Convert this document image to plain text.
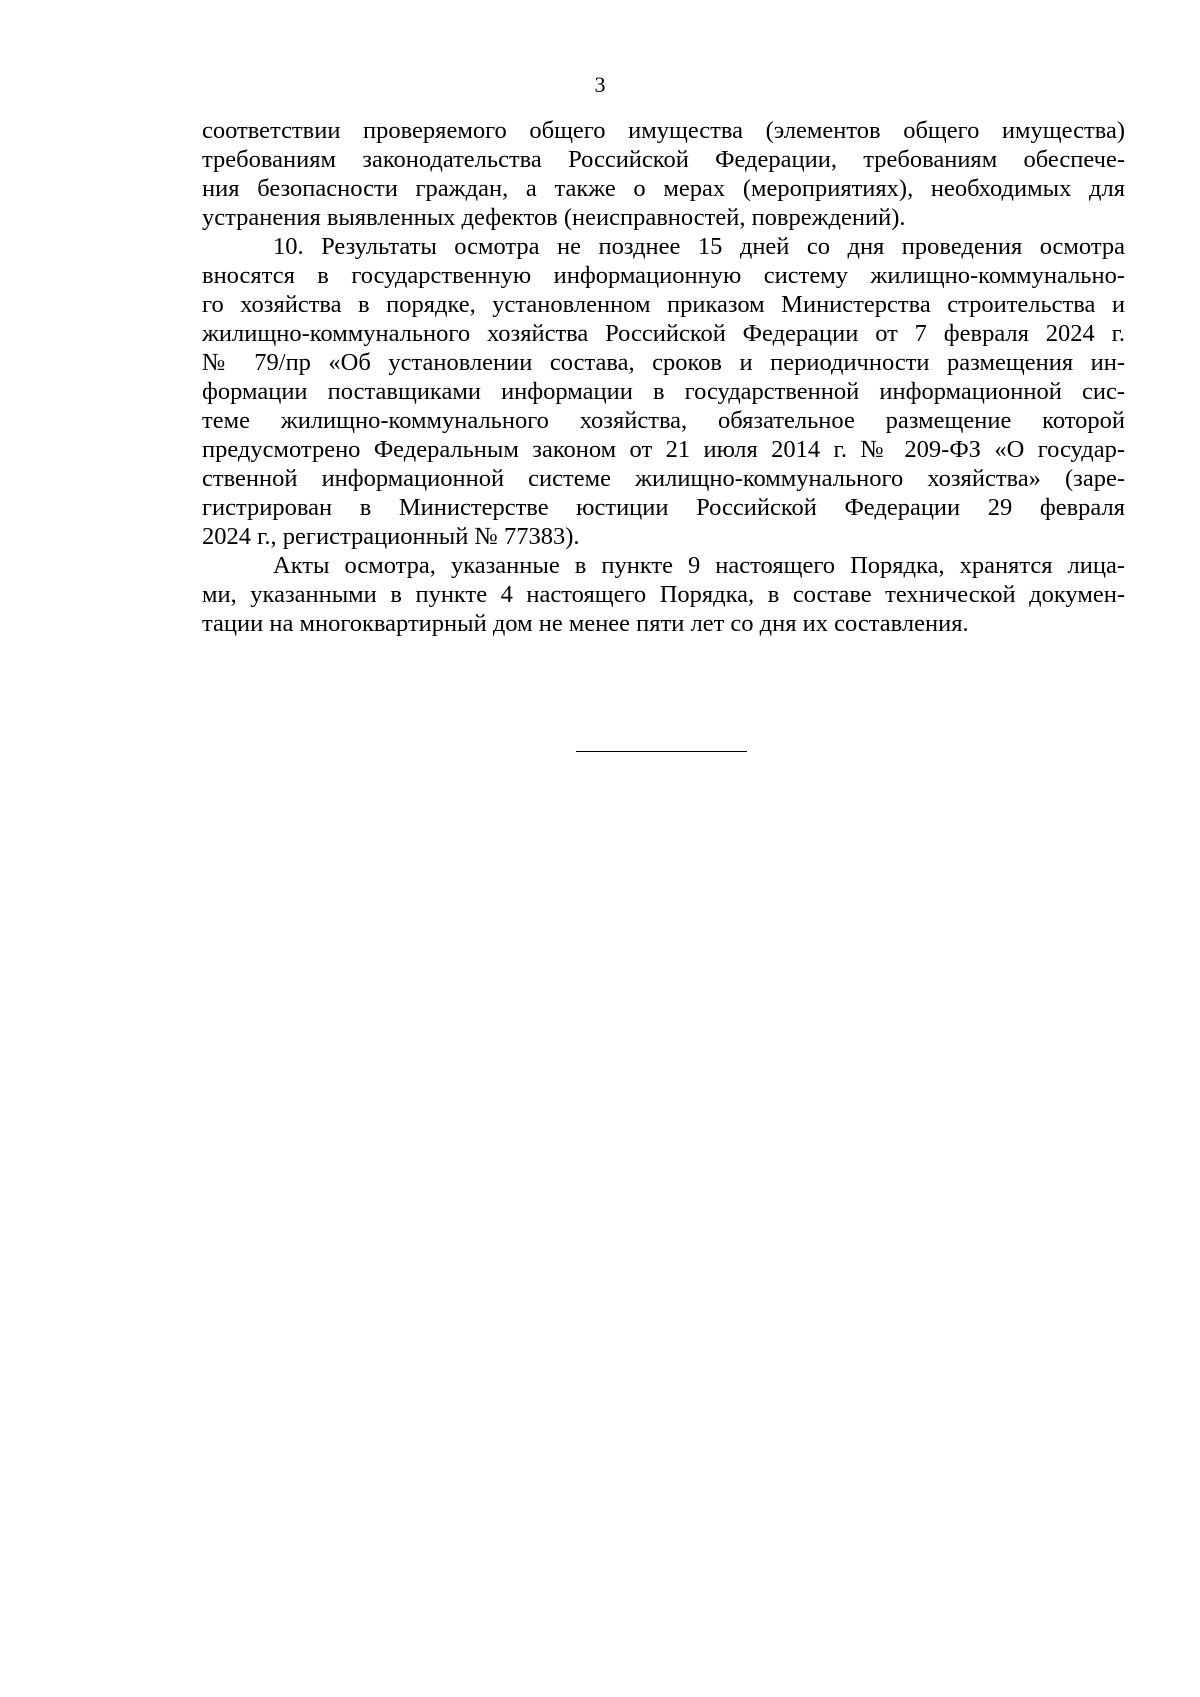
3
соответствии проверяемого общего имущества (элементов общего имущества)
требованиям законодательства Российской Федерации, требованиям обеспече-
ния безопасности граждан, а также о мерах (мероприятиях), необходимых для
устранения выявленных дефектов (неисправностей, повреждений).
10. Результаты осмотра не позднее 15 дней со дня проведения осмотра
вносятся в государственную информационную систему жилищно-коммунально-
го хозяйства в порядке, установленном приказом Министерства строительства и
жилищно-коммунального хозяйства Российской Федерации от 7 февраля 2024 г.
№ 79/пр «Об установлении состава, сроков и периодичности размещения ин-
формации поставщиками информации в государственной информационной сис-
теме жилищно-коммунального хозяйства, обязательное размещение которой
предусмотрено Федеральным законом от 21 июля 2014 г. № 209-ФЗ «О государ-
ственной информационной системе жилищно-коммунального хозяйства» (заре-
гистрирован в Министерстве юстиции Российской Федерации 29 февраля
2024 г., регистрационный № 77383).
Акты осмотра, указанные в пункте 9 настоящего Порядка, хранятся лица-
ми, указанными в пункте 4 настоящего Порядка, в составе технической докумен-
тации на многоквартирный дом не менее пяти лет со дня их составления.
